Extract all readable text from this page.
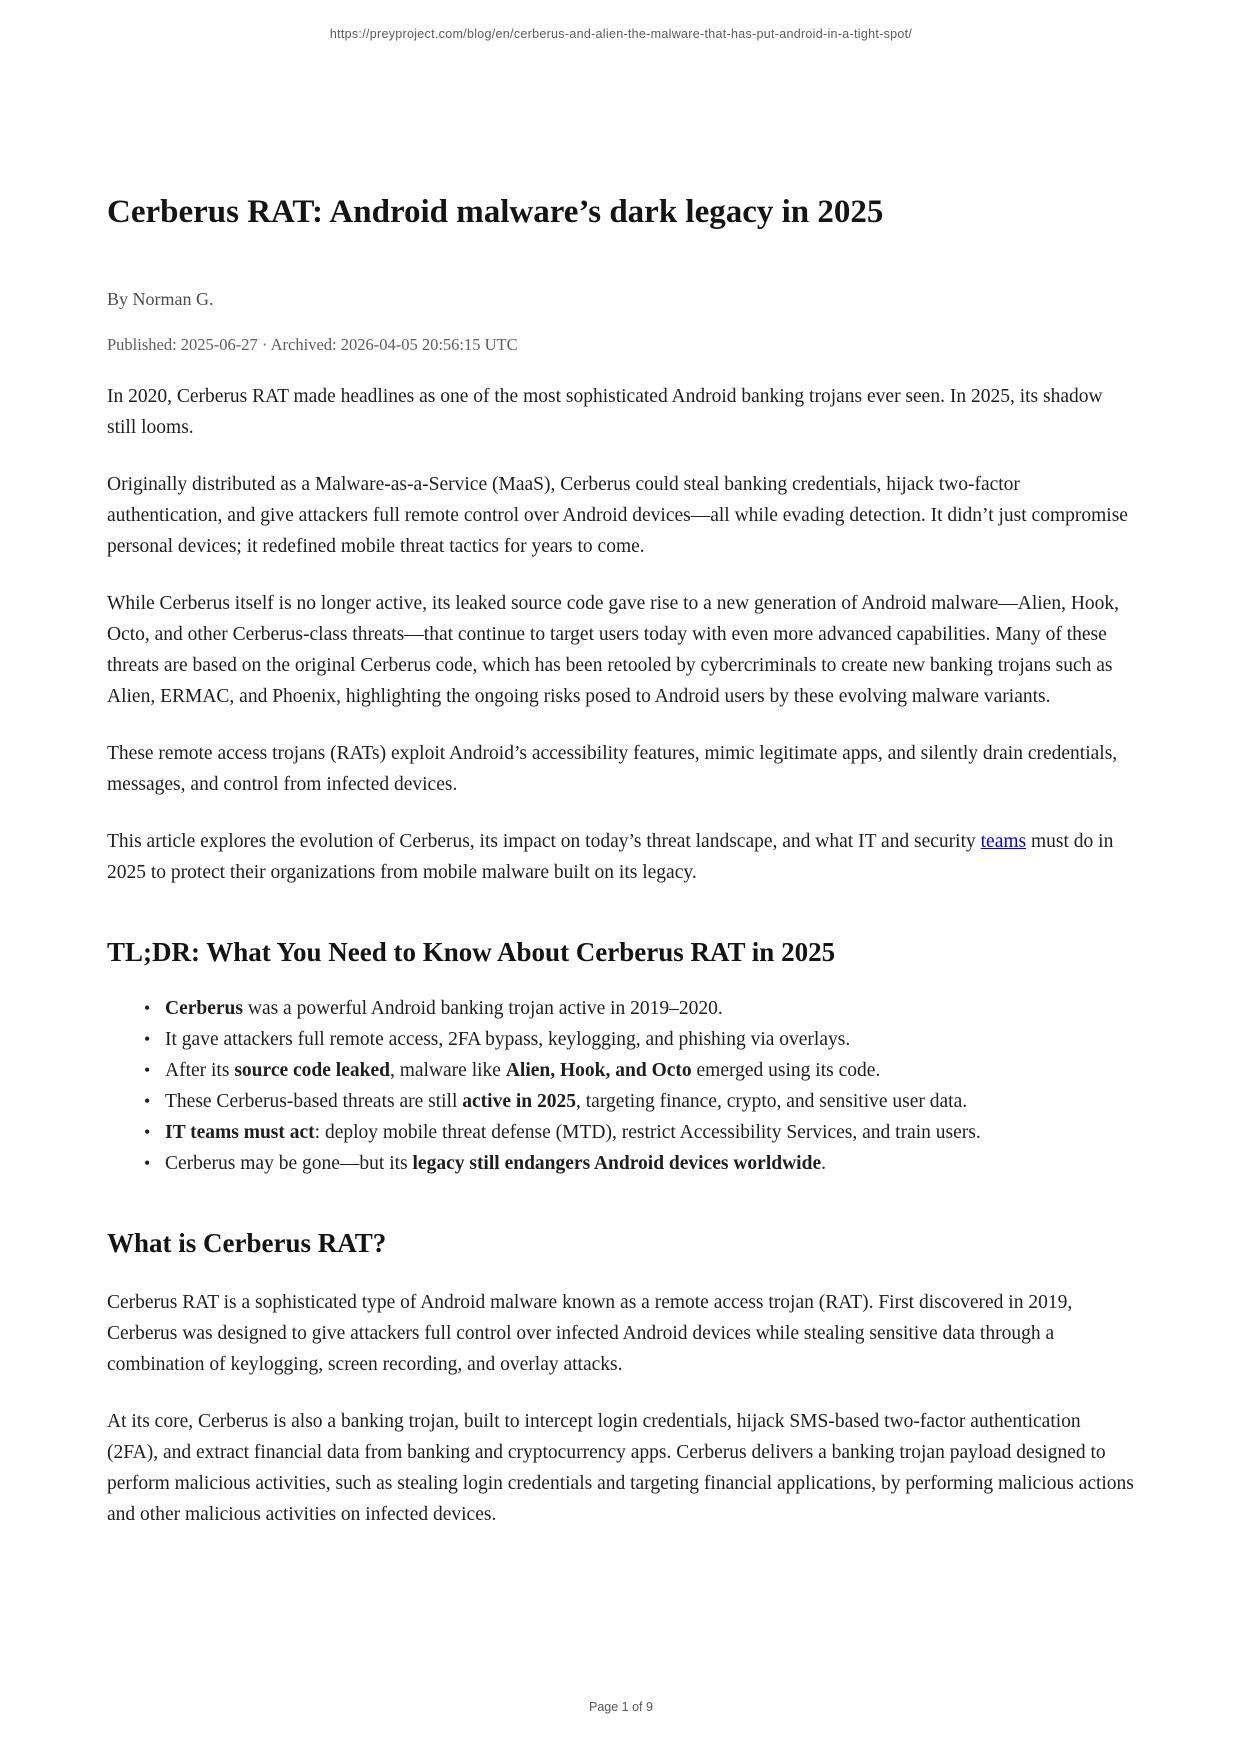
https://preyproject.com/blog/en/cerberus-and-alien-the-malware-that-has-put-android-in-a-tight-spot/
Cerberus RAT: Android malware’s dark legacy in 2025
By Norman G.
Published: 2025-06-27 · Archived: 2026-04-05 20:56:15 UTC

In 2020, Cerberus RAT made headlines as one of the most sophisticated Android banking trojans ever seen. In 2025, its shadow still looms.

Originally distributed as a Malware-as-a-Service (MaaS), Cerberus could steal banking credentials, hijack two-factor authentication, and give attackers full remote control over Android devices—all while evading detection. It didn’t just compromise personal devices; it redefined mobile threat tactics for years to come.

While Cerberus itself is no longer active, its leaked source code gave rise to a new generation of Android malware—Alien, Hook, Octo, and other Cerberus-class threats—that continue to target users today with even more advanced capabilities. Many of these threats are based on the original Cerberus code, which has been retooled by cybercriminals to create new banking trojans such as Alien, ERMAC, and Phoenix, highlighting the ongoing risks posed to Android users by these evolving malware variants.

These remote access trojans (RATs) exploit Android’s accessibility features, mimic legitimate apps, and silently drain credentials, messages, and control from infected devices.

This article explores the evolution of Cerberus, its impact on today’s threat landscape, and what IT and security teams must do in 2025 to protect their organizations from mobile malware built on its legacy.

TL;DR: What You Need to Know About Cerberus RAT in 2025
• Cerberus was a powerful Android banking trojan active in 2019–2020.
• It gave attackers full remote access, 2FA bypass, keylogging, and phishing via overlays.
• After its source code leaked, malware like Alien, Hook, and Octo emerged using its code.
• These Cerberus-based threats are still active in 2025, targeting finance, crypto, and sensitive user data.
• IT teams must act: deploy mobile threat defense (MTD), restrict Accessibility Services, and train users.
• Cerberus may be gone—but its legacy still endangers Android devices worldwide.
What is Cerberus RAT?

Cerberus RAT is a sophisticated type of Android malware known as a remote access trojan (RAT). First discovered in 2019, Cerberus was designed to give attackers full control over infected Android devices while stealing sensitive data through a combination of keylogging, screen recording, and overlay attacks.

At its core, Cerberus is also a banking trojan, built to intercept login credentials, hijack SMS-based two-factor authentication (2FA), and extract financial data from banking and cryptocurrency apps. Cerberus delivers a banking trojan payload designed to perform malicious activities, such as stealing login credentials and targeting financial applications, by performing malicious actions and other malicious activities on infected devices.

Page 1 of 9
